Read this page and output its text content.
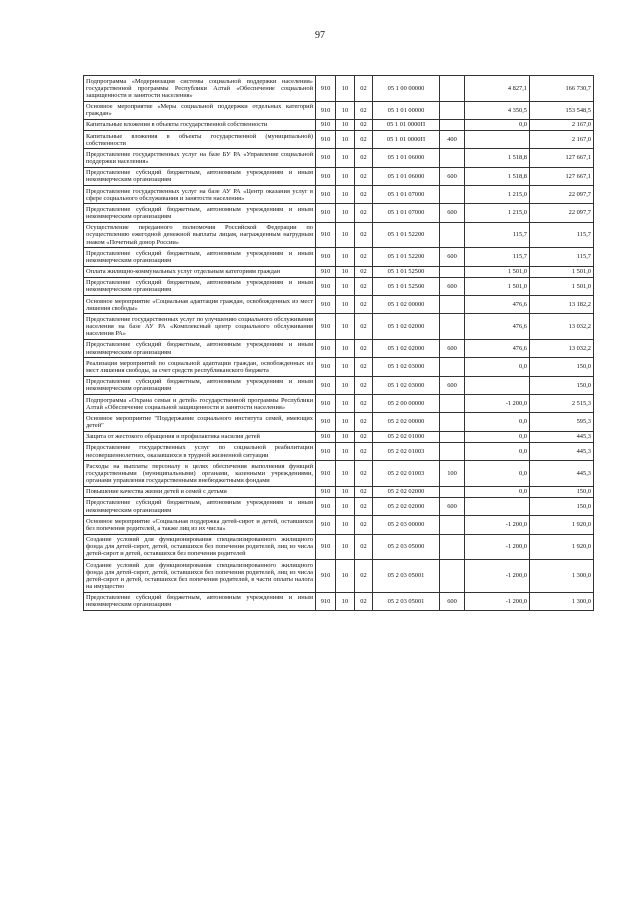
97
Подпрограмма «Модернизация системы социальной поддержки населения» государственной программы Республики Алтай «Обеспечение социальной защищенности и занятости населения»	910	10	02	05 1 00 00000		4 827,1	166 730,7
Основное мероприятие «Меры социальной поддержки отдельных категорий граждан»	910	10	02	05 1 01 00000		4 350,5	153 548,5
Капитальные вложения в объекты государственной собственности	910	10	02	05 1 01 0000П		0,0	2 167,0
Капитальные вложения в объекты государственной (муниципальной) собственности	910	10	02	05 1 01 0000П	400		2 167,0
Предоставление государственных услуг на базе БУ РА «Управление социальной поддержки населения»	910	10	02	05 1 01 06000		1 518,8	127 667,1
Предоставление субсидий бюджетным, автономным учреждениям и иным некоммерческим организациям	910	10	02	05 1 01 06000	600	1 518,8	127 667,1
Предоставление государственных услуг на базе АУ РА «Центр оказания услуг в сфере социального обслуживания и занятости населения»	910	10	02	05 1 01 07000		1 215,0	22 097,7
Предоставление субсидий бюджетным, автономным учреждениям и иным некоммерческим организациям	910	10	02	05 1 01 07000	600	1 215,0	22 097,7
Осуществление переданного полномочия Российской Федерации по осуществлению ежегодной денежной выплаты лицам, награжденным нагрудным знаком «Почетный донор России»	910	10	02	05 1 01 52200		115,7	115,7
Предоставление субсидий бюджетным, автономным учреждениям и иным некоммерческим организациям	910	10	02	05 1 01 52200	600	115,7	115,7
Оплата жилищно-коммунальных услуг отдельным категориям граждан	910	10	02	05 1 01 52500		1 501,0	1 501,0
Предоставление субсидий бюджетным, автономным учреждениям и иным некоммерческим организациям	910	10	02	05 1 01 52500	600	1 501,0	1 501,0
Основное мероприятие «Социальная адаптация граждан, освобожденных из мест лишения свободы»	910	10	02	05 1 02 00000		476,6	13 182,2
Предоставление государственных услуг по улучшению социального обслуживания населения на базе АУ РА «Комплексный центр социального обслуживания населения РА»	910	10	02	05 1 02 02000		476,6	13 032,2
Предоставление субсидий бюджетным, автономным учреждениям и иным некоммерческим организациям	910	10	02	05 1 02 02000	600	476,6	13 032,2
Реализация мероприятий по социальной адаптации граждан, освобожденных из мест лишения свободы, за счет средств республиканского бюджета	910	10	02	05 1 02 03000		0,0	150,0
Предоставление субсидий бюджетным, автономным учреждениям и иным некоммерческим организациям	910	10	02	05 1 02 03000	600		150,0
Подпрограмма «Охрана семьи и детей» государственной программы Республики Алтай «Обеспечение социальной защищенности и занятости населения»	910	10	02	05 2 00 00000		-1 200,0	2 515,3
Основное мероприятие "Поддержание социального института семей, имеющих детей"	910	10	02	05 2 02 00000		0,0	595,3
Защита от жестокого обращения и профилактика насилия детей	910	10	02	05 2 02 01000		0,0	445,3
Предоставление государственных услуг по социальной реабилитации несовершеннолетних, оказавшихся в трудной жизненной ситуации	910	10	02	05 2 02 01003		0,0	445,3
Расходы на выплаты персоналу в целях обеспечения выполнения функций государственными (муниципальными) органами, казенными учреждениями, органами управления государственными внебюджетными фондами	910	10	02	05 2 02 01003	100	0,0	445,3
Повышение качества жизни детей и семей с детьми	910	10	02	05 2 02 02000		0,0	150,0
Предоставление субсидий бюджетным, автономным учреждениям и иным некоммерческим организациям	910	10	02	05 2 02 02000	600		150,0
Основное мероприятие «Социальная поддержка детей-сирот и детей, оставшихся без попечения родителей, а также лиц из их числа»	910	10	02	05 2 03 00000		-1 200,0	1 920,0
Создание условий для функционирования специализированного жилищного фонда для детей-сирот, детей, оставшихся без попечения родителей, лиц из числа детей-сирот и детей, оставшихся без попечения родителей	910	10	02	05 2 03 05000		-1 200,0	1 920,0
Создание условий для функционирования специализированного жилищного фонда для детей-сирот, детей, оставшихся без попечения родителей, лиц из числа детей-сирот и детей, оставшихся без попечения родителей, в части оплаты налога на имущество	910	10	02	05 2 03 05001		-1 200,0	1 300,0
Предоставление субсидий бюджетным, автономным учреждениям и иным некоммерческим организациям	910	10	02	05 2 03 05001	600	-1 200,0	1 300,0
